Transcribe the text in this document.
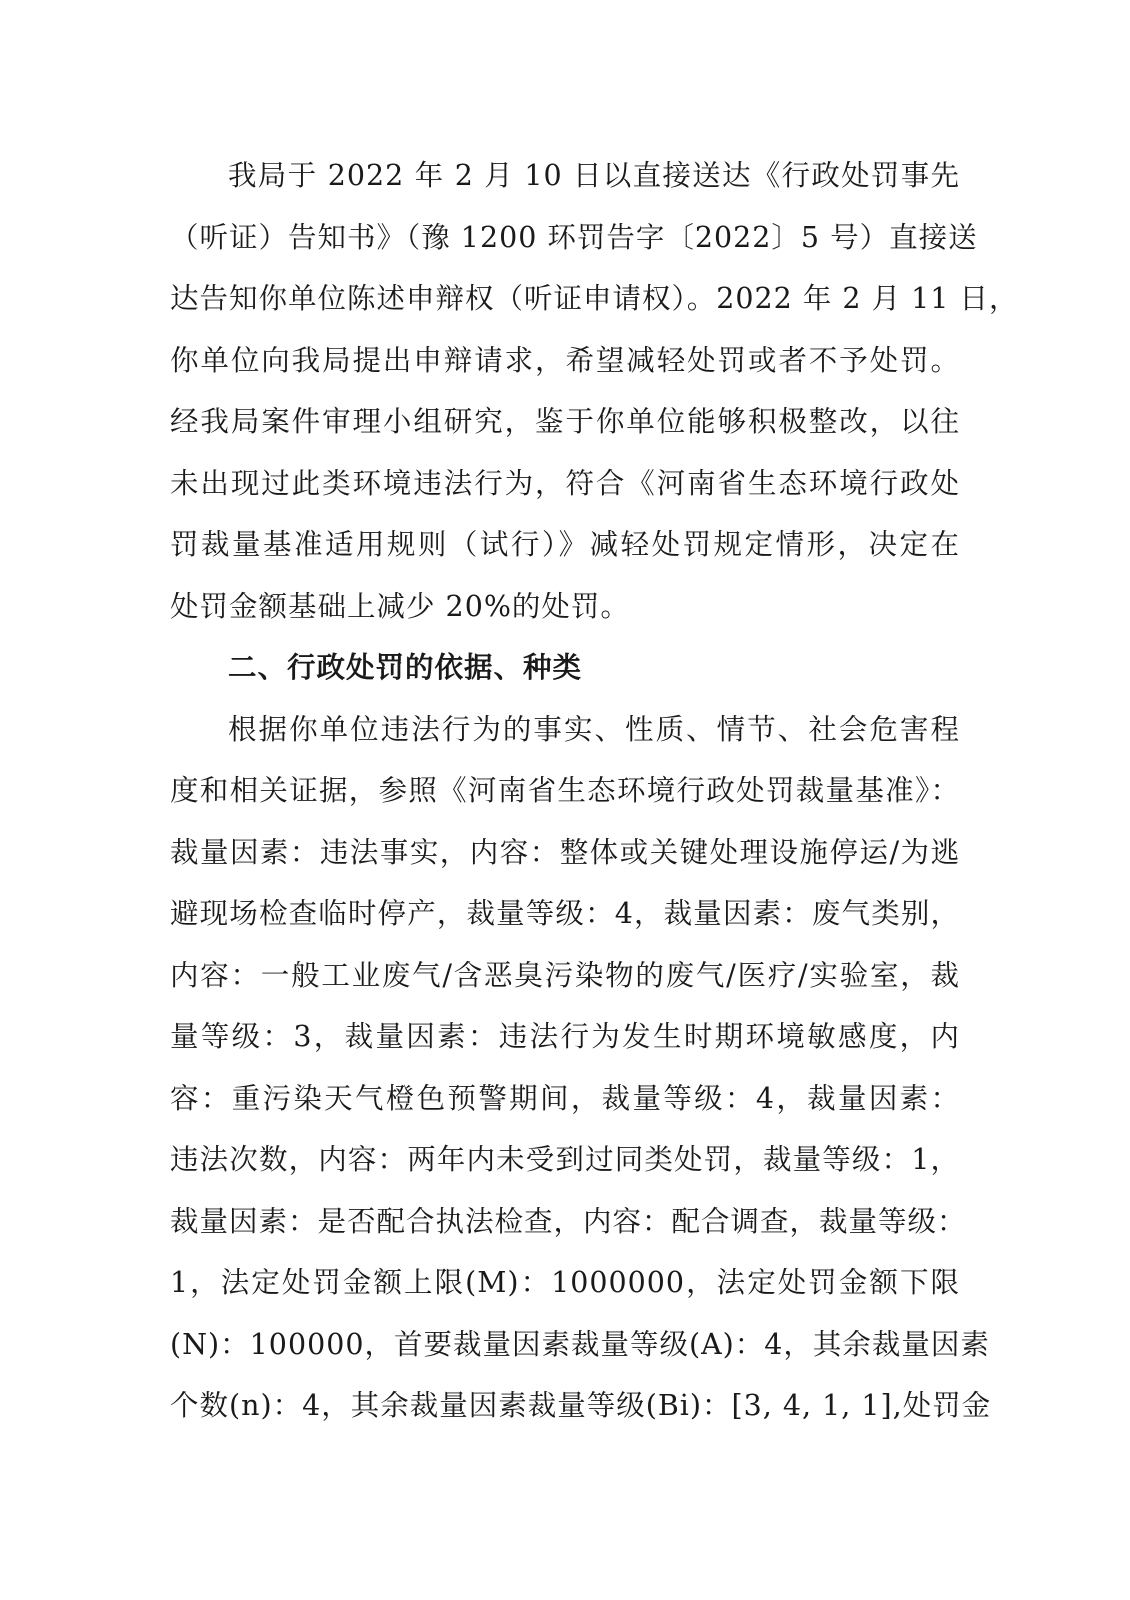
我局于 2022 年 2 月 10 日以直接送达《行政处罚事先
（听证）告知书》（豫 1200 环罚告字〔2022〕5 号）直接送
达告知你单位陈述申辩权（听证申请权）。2022 年 2 月 11 日，
你单位向我局提出申辩请求，希望减轻处罚或者不予处罚。
经我局案件审理小组研究，鉴于你单位能够积极整改，以往
未出现过此类环境违法行为，符合《河南省生态环境行政处
罚裁量基准适用规则（试行）》减轻处罚规定情形，决定在
处罚金额基础上减少 20%的处罚。
二、行政处罚的依据、种类
根据你单位违法行为的事实、性质、情节、社会危害程
度和相关证据，参照《河南省生态环境行政处罚裁量基准》：
裁量因素：违法事实，内容：整体或关键处理设施停运/为逃
避现场检查临时停产，裁量等级：4，裁量因素：废气类别，
内容：一般工业废气/含恶臭污染物的废气/医疗/实验室，裁
量等级：3，裁量因素：违法行为发生时期环境敏感度，内
容：重污染天气橙色预警期间，裁量等级：4，裁量因素：
违法次数，内容：两年内未受到过同类处罚，裁量等级：1，
裁量因素：是否配合执法检查，内容：配合调查，裁量等级：
1，法定处罚金额上限(M)：1000000，法定处罚金额下限
(N)：100000，首要裁量因素裁量等级(A)：4，其余裁量因素
个数(n)：4，其余裁量因素裁量等级(Bi)：[3, 4, 1, 1],处罚金
